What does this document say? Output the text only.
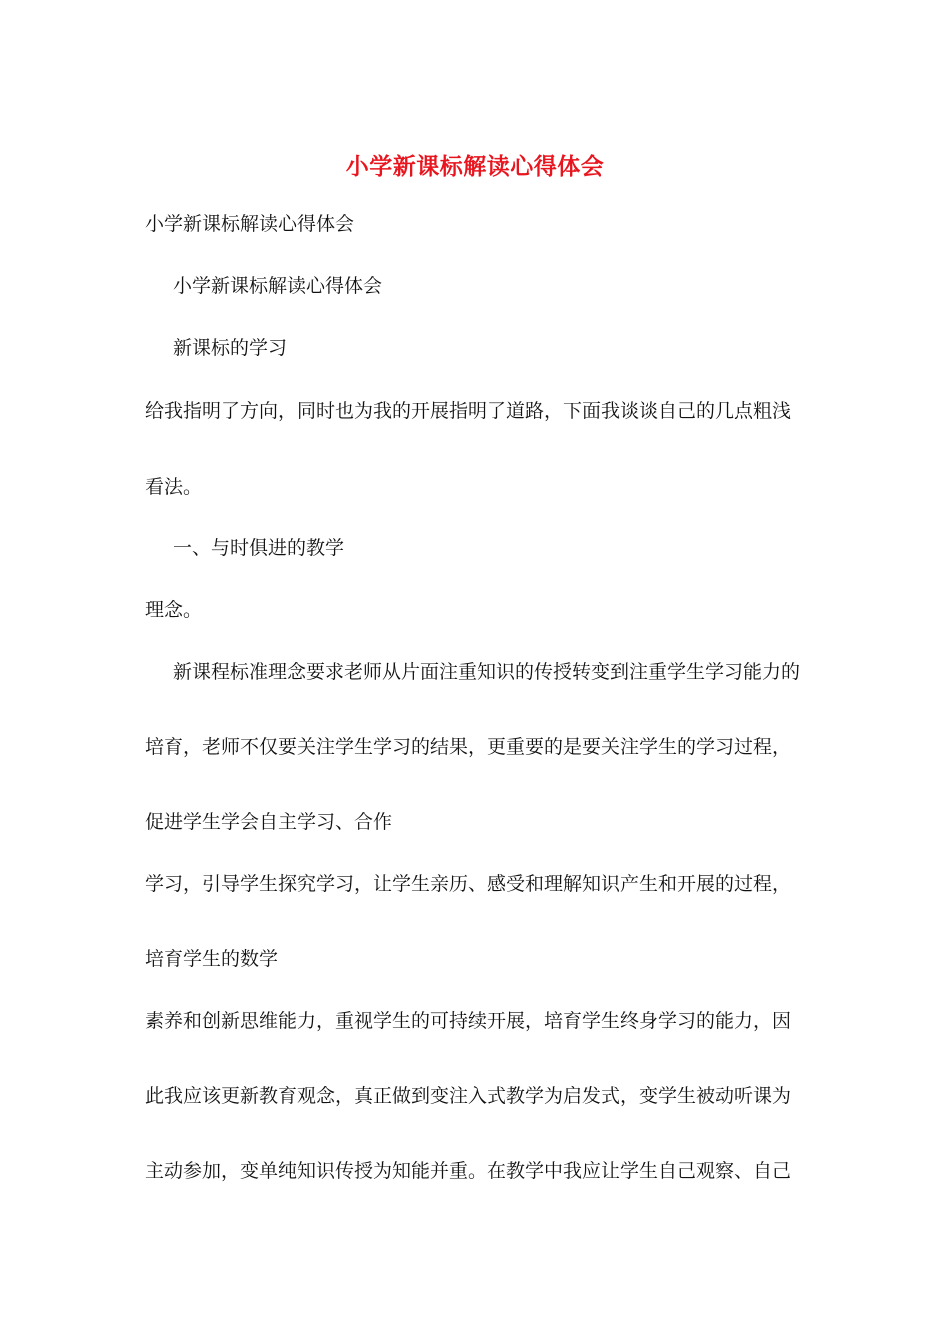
小学新课标解读心得体会
小学新课标解读心得体会
小学新课标解读心得体会
新课标的学习
给我指明了方向，同时也为我的开展指明了道路，下面我谈谈自己的几点粗浅
看法。
一、与时俱进的教学
理念。
新课程标准理念要求老师从片面注重知识的传授转变到注重学生学习能力的
培育，老师不仅要关注学生学习的结果，更重要的是要关注学生的学习过程，
促进学生学会自主学习、合作
学习，引导学生探究学习，让学生亲历、感受和理解知识产生和开展的过程，
培育学生的数学
素养和创新思维能力，重视学生的可持续开展，培育学生终身学习的能力，因
此我应该更新教育观念，真正做到变注入式教学为启发式，变学生被动听课为
主动参加，变单纯知识传授为知能并重。在教学中我应让学生自己观察、自己
